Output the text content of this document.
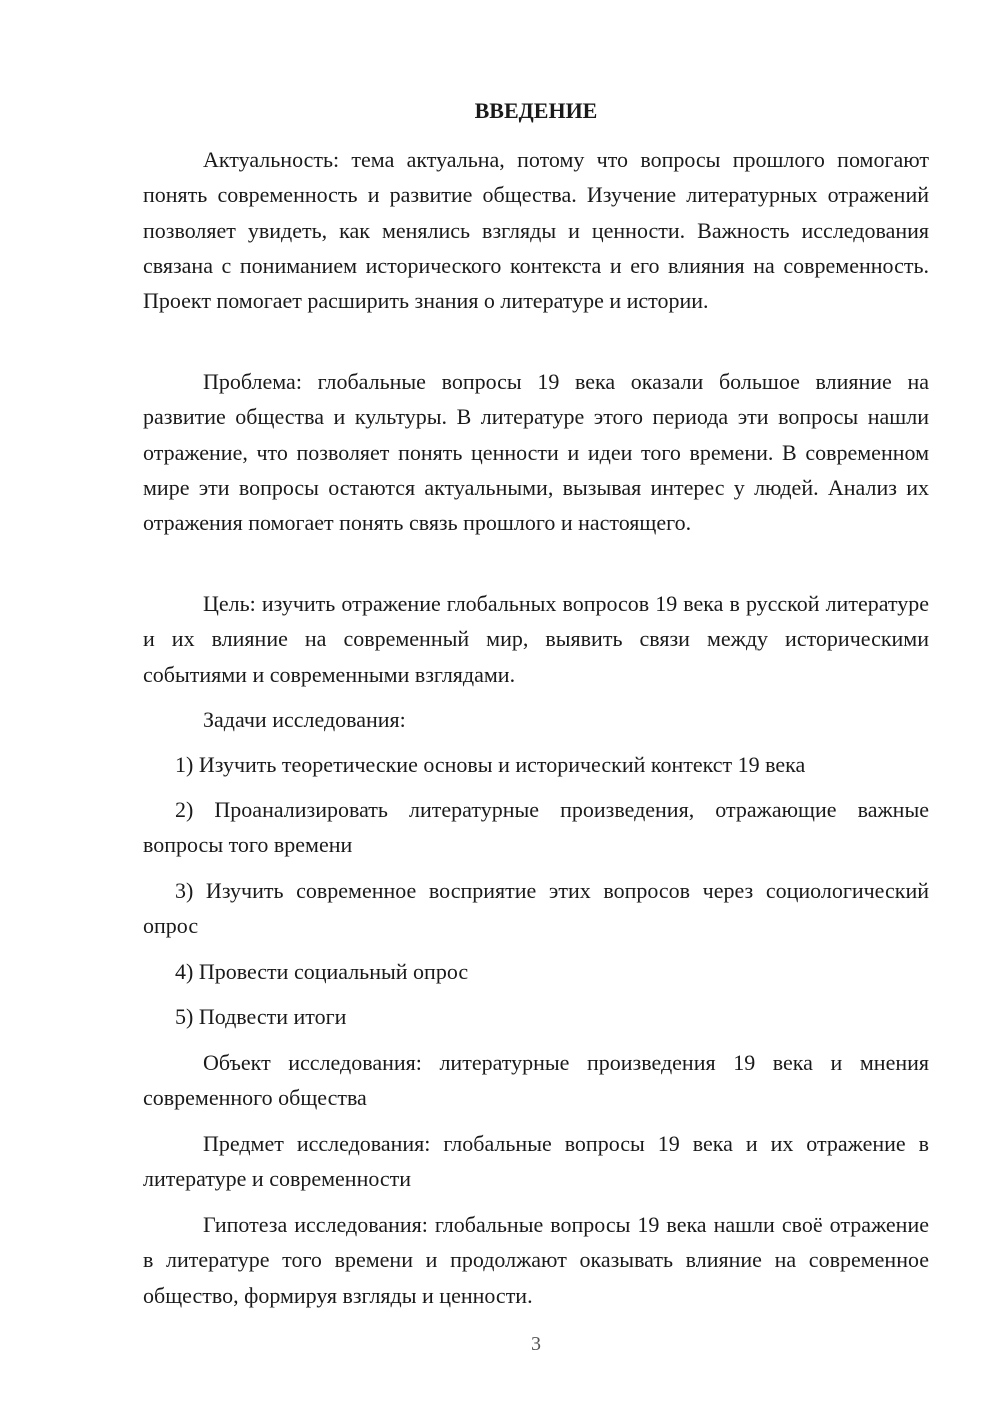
ВВЕДЕНИЕ

Актуальность: тема актуальна, потому что вопросы прошлого помогают понять современность и развитие общества. Изучение литературных отражений позволяет увидеть, как менялись взгляды и ценности. Важность исследования связана с пониманием исторического контекста и его влияния на современность. Проект помогает расширить знания о литературе и истории.

Проблема: глобальные вопросы 19 века оказали большое влияние на развитие общества и культуры. В литературе этого периода эти вопросы нашли отражение, что позволяет понять ценности и идеи того времени. В современном мире эти вопросы остаются актуальными, вызывая интерес у людей. Анализ их отражения помогает понять связь прошлого и настоящего.

Цель: изучить отражение глобальных вопросов 19 века в русской литературе и их влияние на современный мир, выявить связи между историческими событиями и современными взглядами.

Задачи исследования:

1) Изучить теоретические основы и исторический контекст 19 века

2) Проанализировать литературные произведения, отражающие важные вопросы того времени

3) Изучить современное восприятие этих вопросов через социологический опрос

4) Провести социальный опрос

5) Подвести итоги

Объект исследования: литературные произведения 19 века и мнения современного общества

Предмет исследования: глобальные вопросы 19 века и их отражение в литературе и современности

Гипотеза исследования: глобальные вопросы 19 века нашли своё отражение в литературе того времени и продолжают оказывать влияние на современное общество, формируя взгляды и ценности.

3
